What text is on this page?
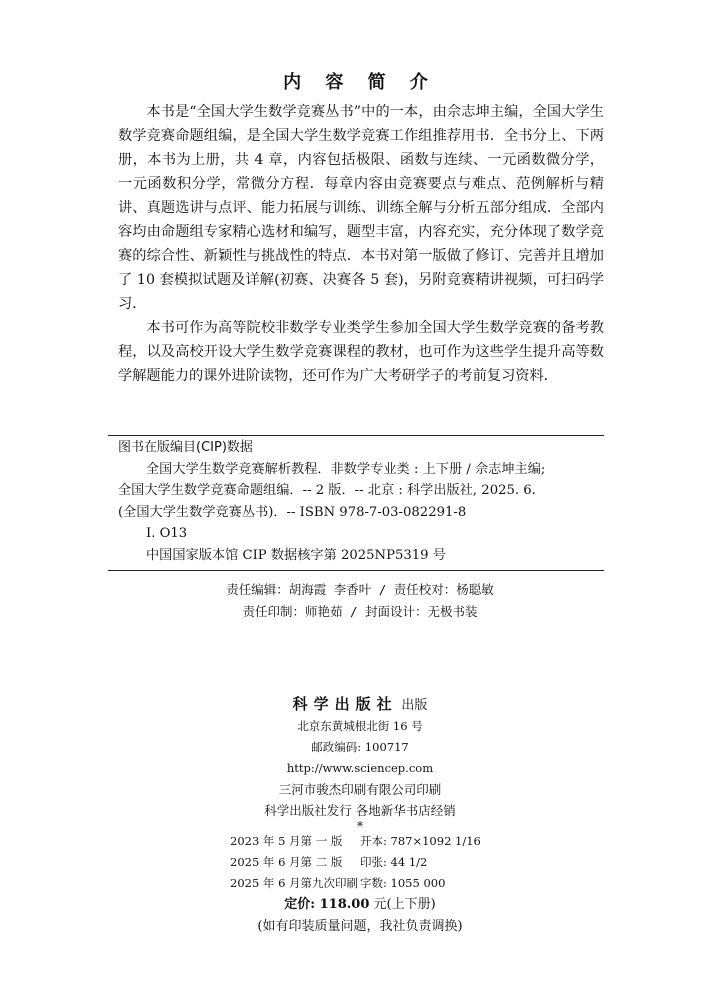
内 容 简 介

本书是“全国大学生数学竞赛丛书”中的一本，由佘志坤主编，全国大学生数学竞赛命题组编，是全国大学生数学竞赛工作组推荐用书．全书分上、下两册，本书为上册，共 4 章，内容包括极限、函数与连续、一元函数微分学，一元函数积分学，常微分方程．每章内容由竞赛要点与难点、范例解析与精讲、真题选讲与点评、能力拓展与训练、训练全解与分析五部分组成．全部内容均由命题组专家精心选材和编写，题型丰富，内容充实，充分体现了数学竞赛的综合性、新颖性与挑战性的特点．本书对第一版做了修订、完善并且增加了 10 套模拟试题及详解(初赛、决赛各 5 套)，另附竞赛精讲视频，可扫码学习．

本书可作为高等院校非数学专业类学生参加全国大学生数学竞赛的备考教程，以及高校开设大学生数学竞赛课程的教材，也可作为这些学生提升高等数学解题能力的课外进阶读物，还可作为广大考研学子的考前复习资料．

图书在版编目(CIP)数据
全国大学生数学竞赛解析教程．非数学专业类 : 上下册 / 佘志坤主编;
全国大学生数学竞赛命题组编．-- 2 版．-- 北京 : 科学出版社, 2025. 6.
(全国大学生数学竞赛丛书)．-- ISBN 978-7-03-082291-8
Ⅰ. O13
中国国家版本馆 CIP 数据核字第 2025NP5319 号
责任编辑：胡海霞 李香叶 / 责任校对：杨聪敏
责任印制：师艳茹 / 封面设计：无极书装
科学出版社 出版
北京东黄城根北街 16 号
邮政编码: 100717
http://www.sciencep.com
三河市骏杰印刷有限公司印刷
科学出版社发行 各地新华书店经销
*
2023 年 5 月第 一 版	开本: 787×1092 1/16
2025 年 6 月第 二 版	印张: 44 1/2
2025 年 6 月第九次印刷 字数: 1055 000
定价: 118.00 元(上下册)
(如有印装质量问题，我社负责调换)
